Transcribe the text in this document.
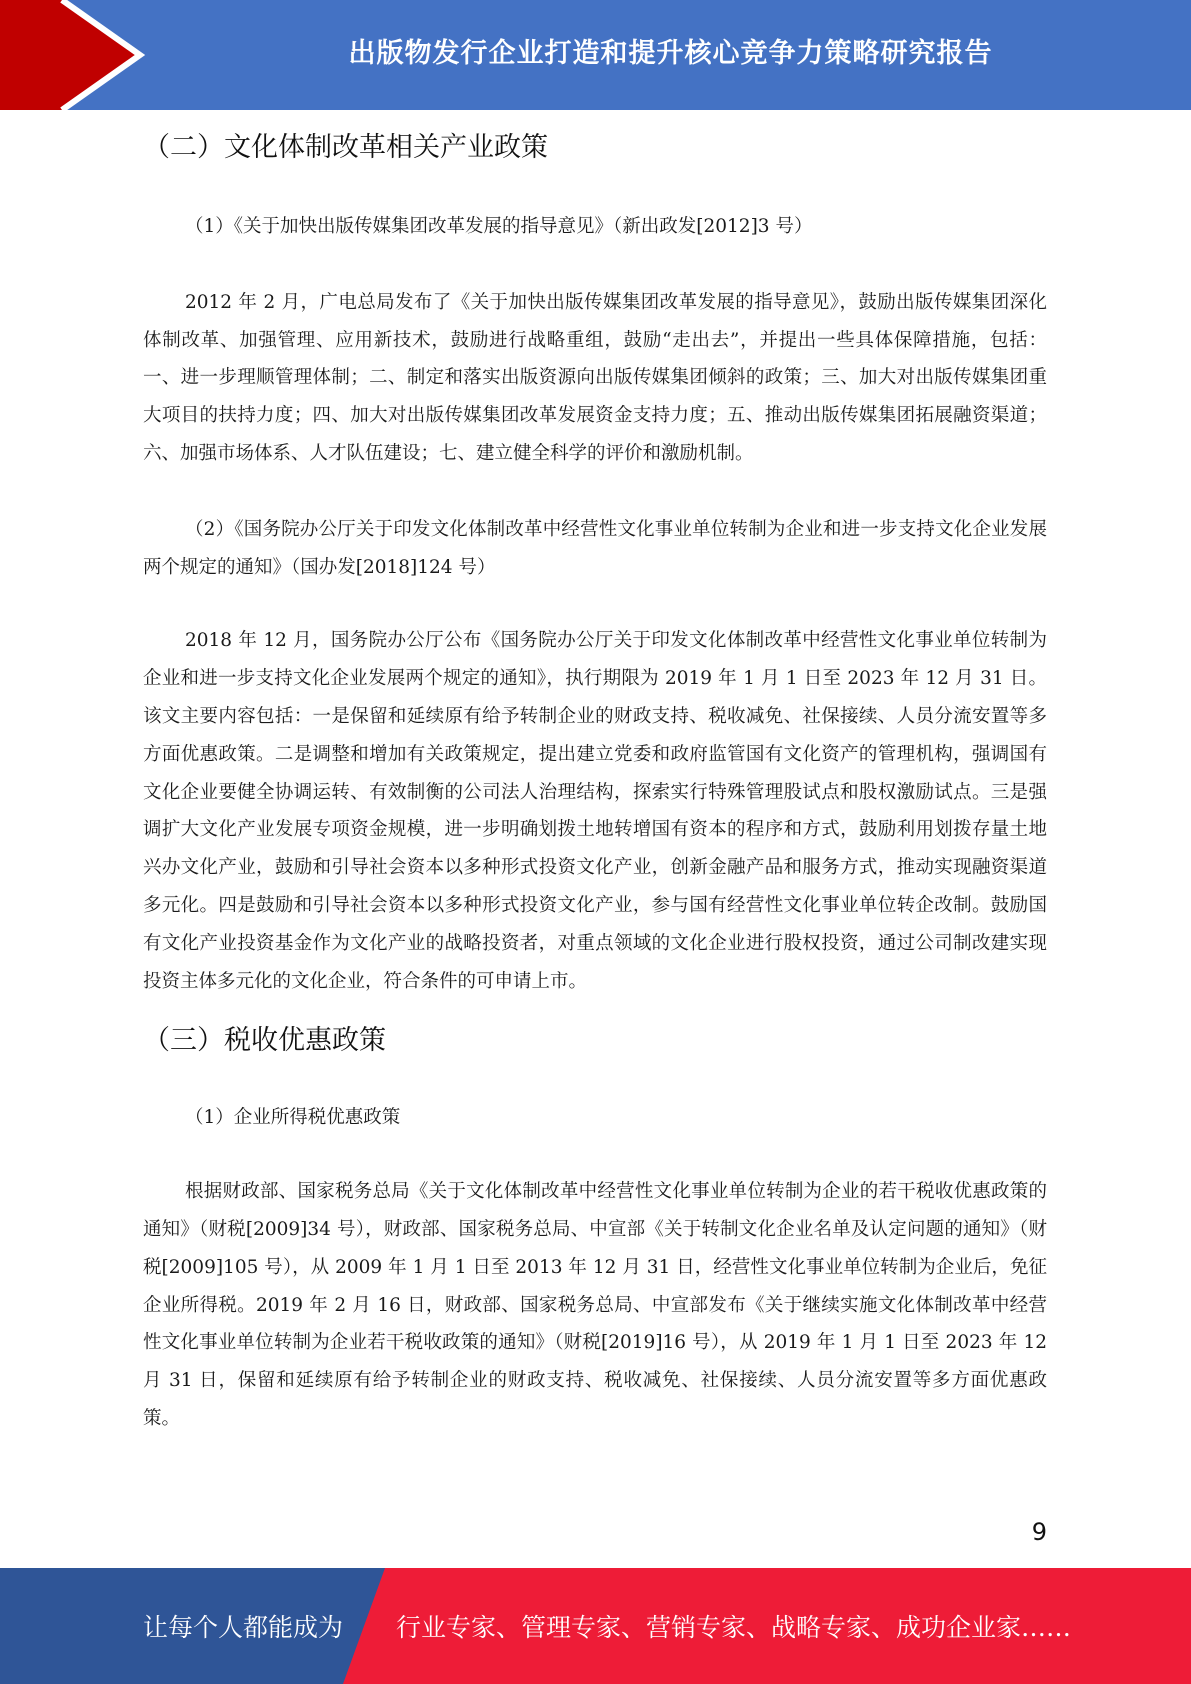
出版物发行企业打造和提升核心竞争力策略研究报告
（二）文化体制改革相关产业政策

（1）《关于加快出版传媒集团改革发展的指导意见》（新出政发[2012]3 号）

2012 年 2 月，广电总局发布了《关于加快出版传媒集团改革发展的指导意见》，鼓励出版传媒集团深化体制改革、加强管理、应用新技术，鼓励进行战略重组，鼓励“走出去”，并提出一些具体保障措施，包括：一、进一步理顺管理体制；二、制定和落实出版资源向出版传媒集团倾斜的政策；三、加大对出版传媒集团重大项目的扶持力度；四、加大对出版传媒集团改革发展资金支持力度；五、推动出版传媒集团拓展融资渠道；六、加强市场体系、人才队伍建设；七、建立健全科学的评价和激励机制。

（2）《国务院办公厅关于印发文化体制改革中经营性文化事业单位转制为企业和进一步支持文化企业发展两个规定的通知》（国办发[2018]124 号）

2018 年 12 月，国务院办公厅公布《国务院办公厅关于印发文化体制改革中经营性文化事业单位转制为企业和进一步支持文化企业发展两个规定的通知》，执行期限为 2019 年 1 月 1 日至 2023 年 12 月 31 日。该文主要内容包括：一是保留和延续原有给予转制企业的财政支持、税收减免、社保接续、人员分流安置等多方面优惠政策。二是调整和增加有关政策规定，提出建立党委和政府监管国有文化资产的管理机构，强调国有文化企业要健全协调运转、有效制衡的公司法人治理结构，探索实行特殊管理股试点和股权激励试点。三是强调扩大文化产业发展专项资金规模，进一步明确划拨土地转增国有资本的程序和方式，鼓励利用划拨存量土地兴办文化产业，鼓励和引导社会资本以多种形式投资文化产业，创新金融产品和服务方式，推动实现融资渠道多元化。四是鼓励和引导社会资本以多种形式投资文化产业，参与国有经营性文化事业单位转企改制。鼓励国有文化产业投资基金作为文化产业的战略投资者，对重点领域的文化企业进行股权投资，通过公司制改建实现投资主体多元化的文化企业，符合条件的可申请上市。

（三）税收优惠政策

（1）企业所得税优惠政策

根据财政部、国家税务总局《关于文化体制改革中经营性文化事业单位转制为企业的若干税收优惠政策的通知》（财税[2009]34 号），财政部、国家税务总局、中宣部《关于转制文化企业名单及认定问题的通知》（财税[2009]105 号），从 2009 年 1 月 1 日至 2013 年 12 月 31 日，经营性文化事业单位转制为企业后，免征企业所得税。2019 年 2 月 16 日，财政部、国家税务总局、中宣部发布《关于继续实施文化体制改革中经营性文化事业单位转制为企业若干税收政策的通知》（财税[2019]16 号），从 2019 年 1 月 1 日至 2023 年 12 月 31 日，保留和延续原有给予转制企业的财政支持、税收减免、社保接续、人员分流安置等多方面优惠政策。

9
让每个人都能成为 行业专家、管理专家、营销专家、战略专家、成功企业家……
